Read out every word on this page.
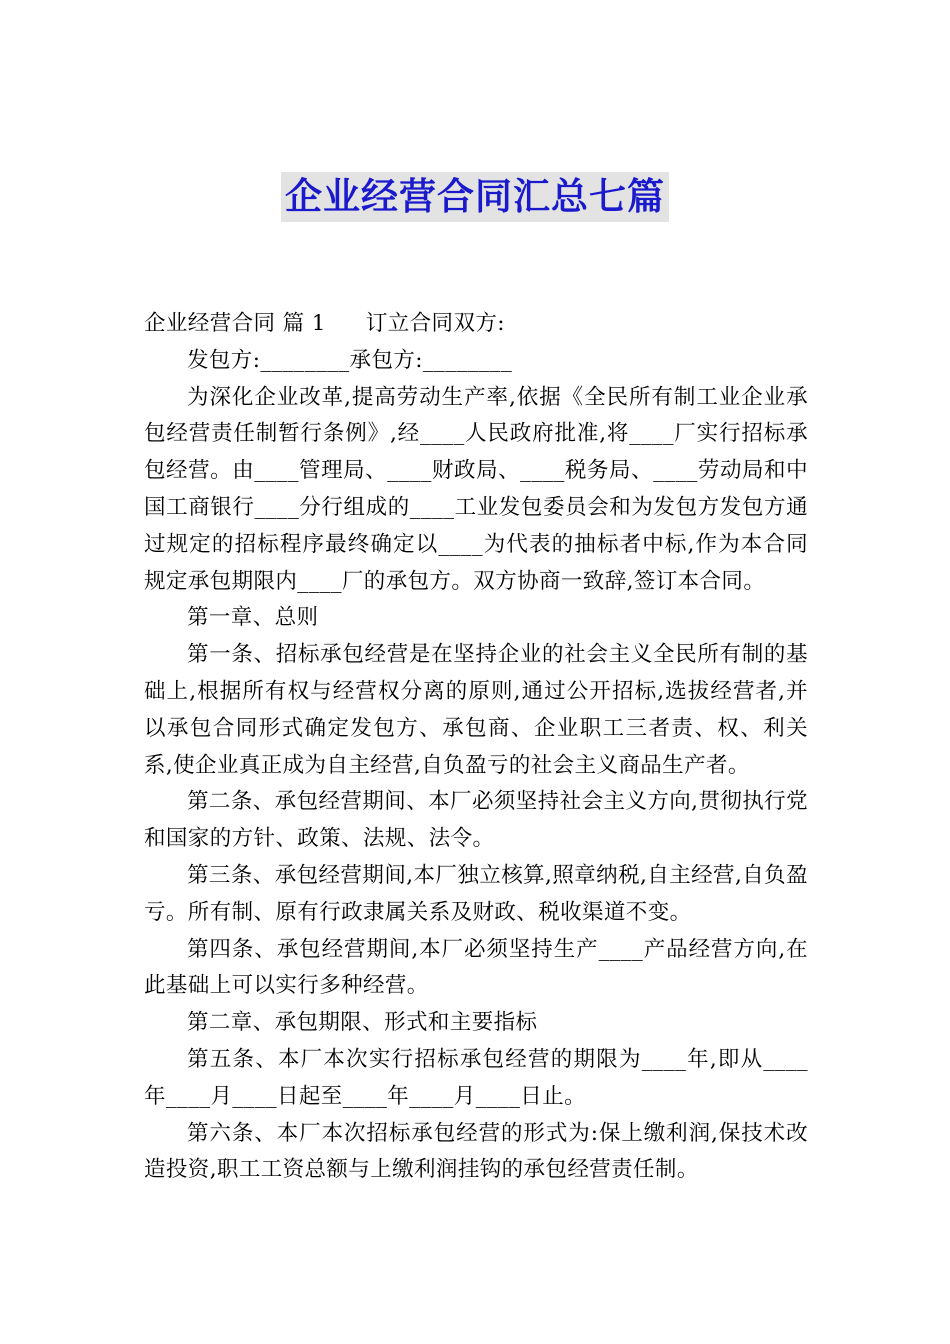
企业经营合同汇总七篇

企业经营合同 篇 1 订立合同双方:

发包方:________承包方:________

为深化企业改革,提高劳动生产率,依据《全民所有制工业企业承包经营责任制暂行条例》,经____人民政府批准,将____厂实行招标承包经营。由____管理局、____财政局、____税务局、____劳动局和中国工商银行____分行组成的____工业发包委员会和为发包方发包方通过规定的招标程序最终确定以____为代表的抽标者中标,作为本合同规定承包期限内____厂的承包方。双方协商一致辞,签订本合同。

第一章、总则

第一条、招标承包经营是在坚持企业的社会主义全民所有制的基础上,根据所有权与经营权分离的原则,通过公开招标,选拔经营者,并以承包合同形式确定发包方、承包商、企业职工三者责、权、利关系,使企业真正成为自主经营,自负盈亏的社会主义商品生产者。

第二条、承包经营期间、本厂必须坚持社会主义方向,贯彻执行党和国家的方针、政策、法规、法令。

第三条、承包经营期间,本厂独立核算,照章纳税,自主经营,自负盈亏。所有制、原有行政隶属关系及财政、税收渠道不变。

第四条、承包经营期间,本厂必须坚持生产____产品经营方向,在此基础上可以实行多种经营。

第二章、承包期限、形式和主要指标

第五条、本厂本次实行招标承包经营的期限为____年,即从____年____月____日起至____年____月____日止。

第六条、本厂本次招标承包经营的形式为:保上缴利润,保技术改造投资,职工工资总额与上缴利润挂钩的承包经营责任制。
